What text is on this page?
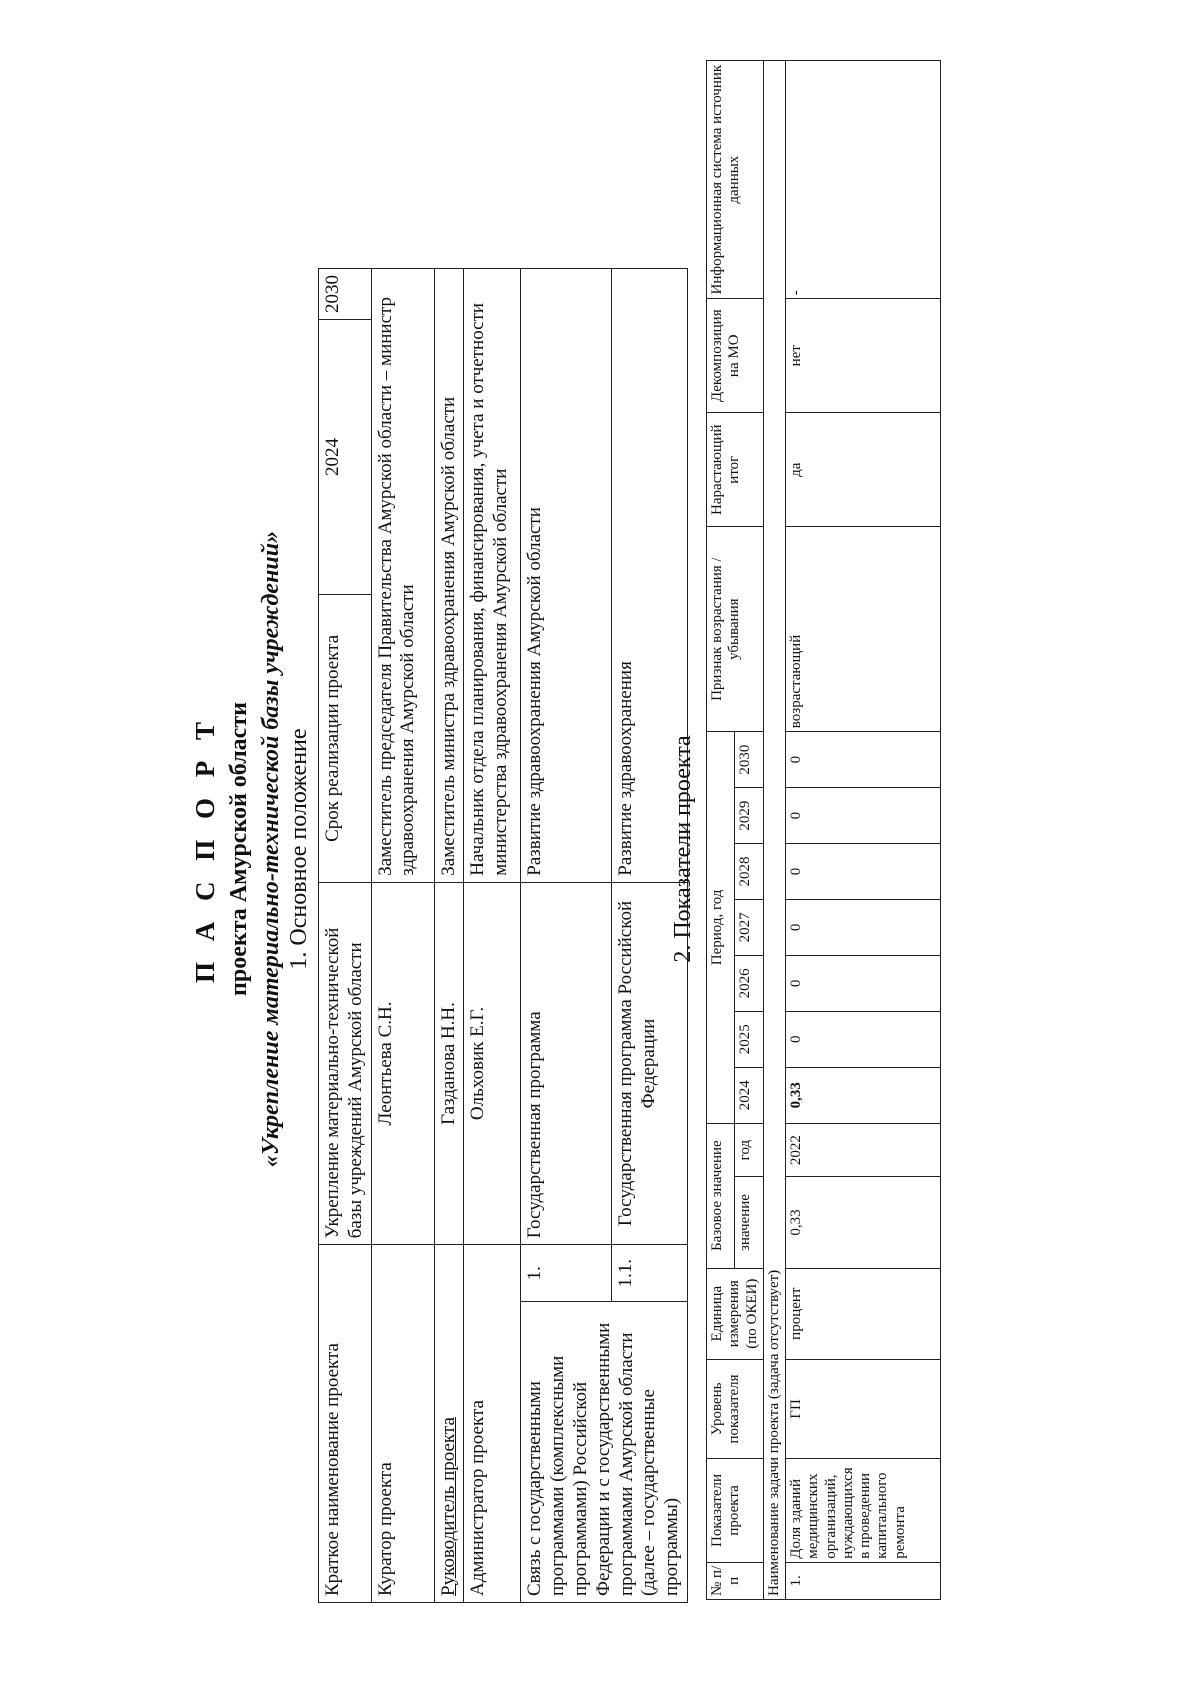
П А С П О Р Т проекта Амурской области «Укрепление материально-технической базы учреждений» 1. Основное положение
Краткое наименование проекта		Укрепление материально-технической базы учреждений Амурской области	Срок реализации проекта	2024	2030
Куратор проекта		Леонтьева С.Н.	Заместитель председателя Правительства Амурской области – министр здравоохранения Амурской области		
Руководитель проекта		Газданова Н.Н.	Заместитель министра здравоохранения Амурской области		
Администратор проекта		Ольховик Е.Г.	Начальник отдела планирования, финансирования, учета и отчетности министерства здравоохранения Амурской области		
Связь с государственными программами (комплексными программами) Российской Федерации и с государственными программами Амурской области (далее – государственные программы)	1.	Государственная программа	Развитие здравоохранения Амурской области		
	1.1.	Государственная программа Российской Федерации	Развитие здравоохранения		2. Показатели проекта
№ п/п	Показатели проекта	Уровень показателя	Единица измерения (по ОКЕИ)	Базовое значение		Период, год							Признак возрастания / убывания	Нарастающий итог	Декомпозиция на МО	Информационная система источник данных
				значение	год	2024	2025	2026	2027	2028	2029	2030				
Наименование задачи проекта (задача отсутствует)																
1.	Доля зданий медицинских организаций, нуждающихся в проведении капитального ремонта	ГП	процент	0,33	2022	0,33	0	0	0	0	0	0	возрастающий	да	нет	-
